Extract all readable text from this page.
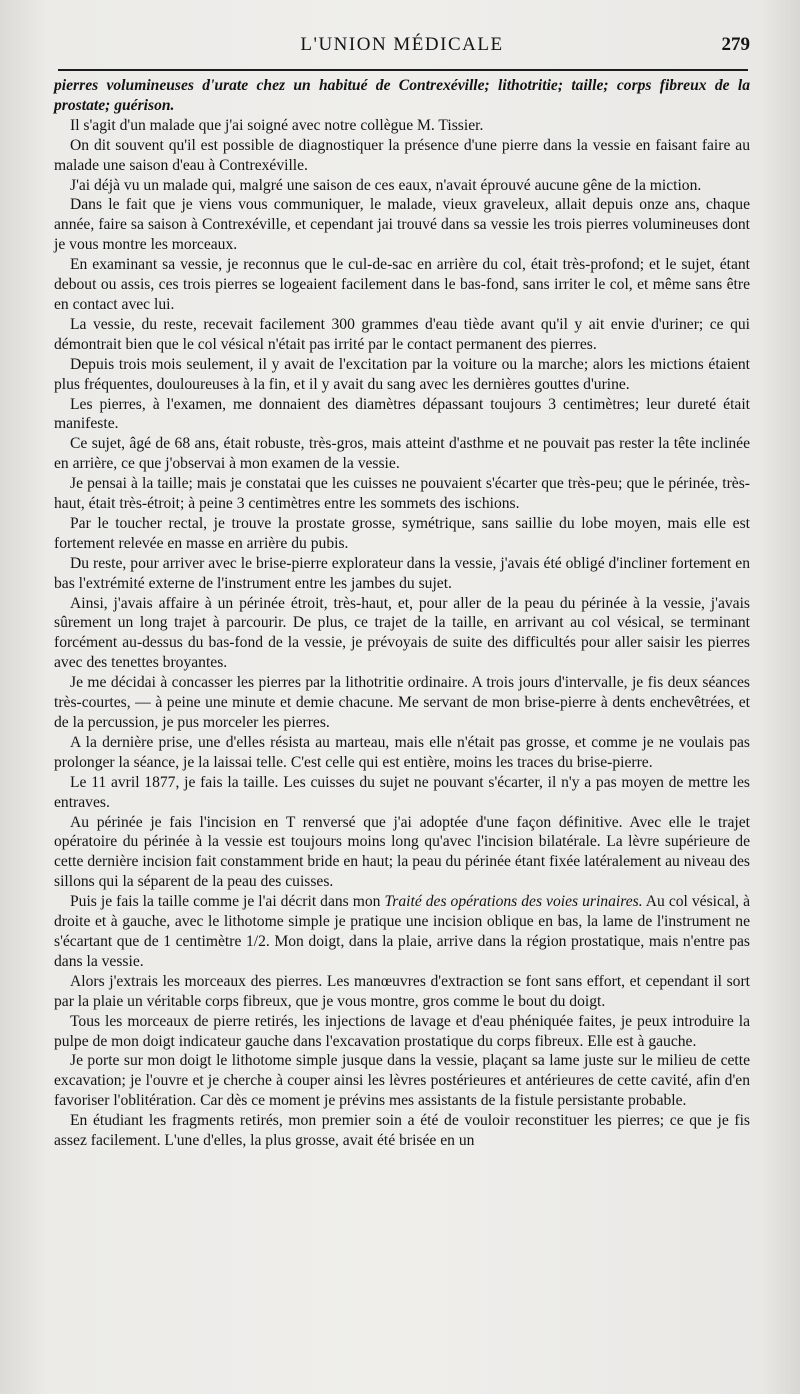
L'UNION MÉDICALE	279

pierres volumineuses d'urate chez un habitué de Contrexéville; lithotritie; taille; corps fibreux de la prostate; guérison.

Il s'agit d'un malade que j'ai soigné avec notre collègue M. Tissier.

On dit souvent qu'il est possible de diagnostiquer la présence d'une pierre dans la vessie en faisant faire au malade une saison d'eau à Contrexéville.

J'ai déjà vu un malade qui, malgré une saison de ces eaux, n'avait éprouvé aucune gêne de la miction.

Dans le fait que je viens vous communiquer, le malade, vieux graveleux, allait depuis onze ans, chaque année, faire sa saison à Contrexéville, et cependant jai trouvé dans sa vessie les trois pierres volumineuses dont je vous montre les morceaux.

En examinant sa vessie, je reconnus que le cul-de-sac en arrière du col, était très-profond; et le sujet, étant debout ou assis, ces trois pierres se logeaient facilement dans le bas-fond, sans irriter le col, et même sans être en contact avec lui.

La vessie, du reste, recevait facilement 300 grammes d'eau tiède avant qu'il y ait envie d'uriner; ce qui démontrait bien que le col vésical n'était pas irrité par le contact permanent des pierres.

Depuis trois mois seulement, il y avait de l'excitation par la voiture ou la marche; alors les mictions étaient plus fréquentes, douloureuses à la fin, et il y avait du sang avec les dernières gouttes d'urine.

Les pierres, à l'examen, me donnaient des diamètres dépassant toujours 3 centimètres; leur dureté était manifeste.

Ce sujet, âgé de 68 ans, était robuste, très-gros, mais atteint d'asthme et ne pouvait pas rester la tête inclinée en arrière, ce que j'observai à mon examen de la vessie.

Je pensai à la taille; mais je constatai que les cuisses ne pouvaient s'écarter que très-peu; que le périnée, très-haut, était très-étroit; à peine 3 centimètres entre les sommets des ischions.

Par le toucher rectal, je trouve la prostate grosse, symétrique, sans saillie du lobe moyen, mais elle est fortement relevée en masse en arrière du pubis.

Du reste, pour arriver avec le brise-pierre explorateur dans la vessie, j'avais été obligé d'incliner fortement en bas l'extrémité externe de l'instrument entre les jambes du sujet.

Ainsi, j'avais affaire à un périnée étroit, très-haut, et, pour aller de la peau du périnée à la vessie, j'avais sûrement un long trajet à parcourir. De plus, ce trajet de la taille, en arrivant au col vésical, se terminant forcément au-dessus du bas-fond de la vessie, je prévoyais de suite des difficultés pour aller saisir les pierres avec des tenettes broyantes.

Je me décidai à concasser les pierres par la lithotritie ordinaire. A trois jours d'intervalle, je fis deux séances très-courtes, — à peine une minute et demie chacune. Me servant de mon brise-pierre à dents enchevêtrées, et de la percussion, je pus morceler les pierres.

A la dernière prise, une d'elles résista au marteau, mais elle n'était pas grosse, et comme je ne voulais pas prolonger la séance, je la laissai telle. C'est celle qui est entière, moins les traces du brise-pierre.

Le 11 avril 1877, je fais la taille. Les cuisses du sujet ne pouvant s'écarter, il n'y a pas moyen de mettre les entraves.

Au périnée je fais l'incision en T renversé que j'ai adoptée d'une façon définitive. Avec elle le trajet opératoire du périnée à la vessie est toujours moins long qu'avec l'incision bilatérale. La lèvre supérieure de cette dernière incision fait constamment bride en haut; la peau du périnée étant fixée latéralement au niveau des sillons qui la séparent de la peau des cuisses.

Puis je fais la taille comme je l'ai décrit dans mon Traité des opérations des voies urinaires. Au col vésical, à droite et à gauche, avec le lithotome simple je pratique une incision oblique en bas, la lame de l'instrument ne s'écartant que de 1 centimètre 1/2. Mon doigt, dans la plaie, arrive dans la région prostatique, mais n'entre pas dans la vessie.

Alors j'extrais les morceaux des pierres. Les manœuvres d'extraction se font sans effort, et cependant il sort par la plaie un véritable corps fibreux, que je vous montre, gros comme le bout du doigt.

Tous les morceaux de pierre retirés, les injections de lavage et d'eau phéniquée faites, je peux introduire la pulpe de mon doigt indicateur gauche dans l'excavation prostatique du corps fibreux. Elle est à gauche.

Je porte sur mon doigt le lithotome simple jusque dans la vessie, plaçant sa lame juste sur le milieu de cette excavation; je l'ouvre et je cherche à couper ainsi les lèvres postérieures et antérieures de cette cavité, afin d'en favoriser l'oblitération. Car dès ce moment je prévins mes assistants de la fistule persistante probable.

En étudiant les fragments retirés, mon premier soin a été de vouloir reconstituer les pierres; ce que je fis assez facilement. L'une d'elles, la plus grosse, avait été brisée en un
